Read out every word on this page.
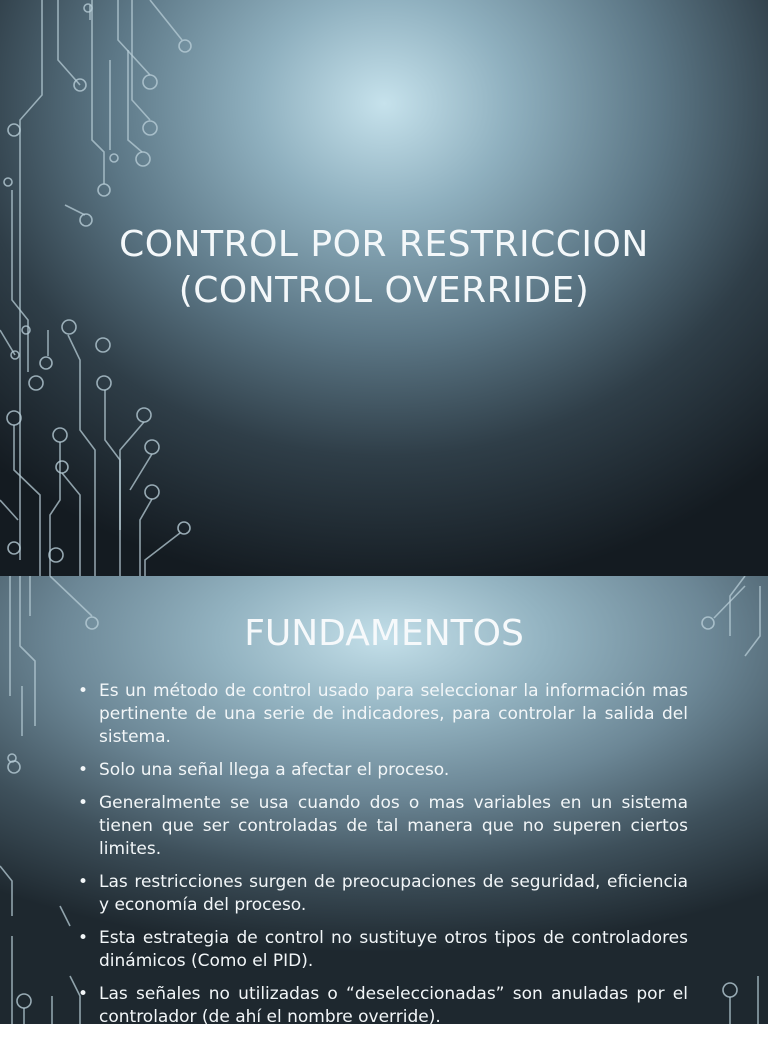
CONTROL POR RESTRICCION
(CONTROL OVERRIDE)
FUNDAMENTOS
• Es un método de control usado para seleccionar la información mas pertinente de una serie de indicadores, para controlar la salida del sistema.
• Solo una señal llega a afectar el proceso.
• Generalmente se usa cuando dos o mas variables en un sistema tienen que ser controladas de tal manera que no superen ciertos limites.
• Las restricciones surgen de preocupaciones de seguridad, eficiencia y economía del proceso.
• Esta estrategia de control no sustituye otros tipos de controladores dinámicos (Como el PID).
• Las señales no utilizadas o “deseleccionadas” son anuladas por el controlador (de ahí el nombre override).
